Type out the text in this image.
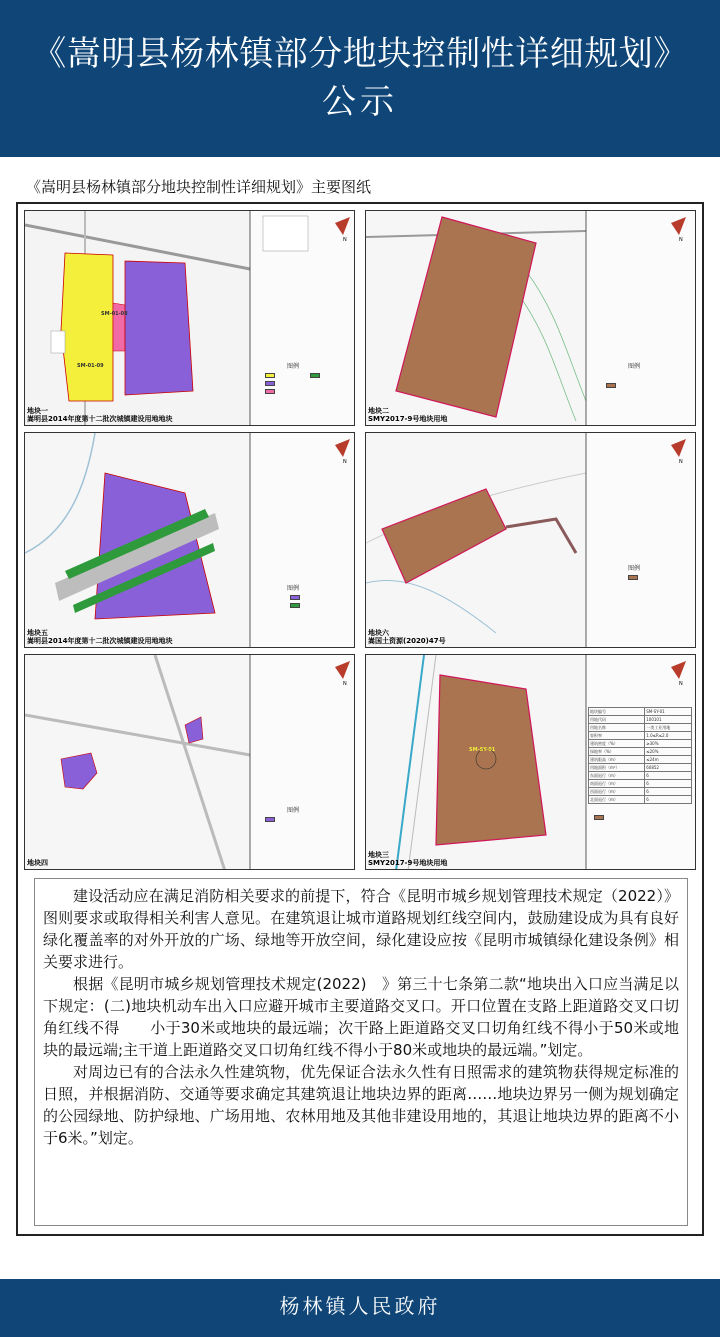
《嵩明县杨林镇部分地块控制性详细规划》
公示
《嵩明县杨林镇部分地块控制性详细规划》主要图纸
N
SM-01-08
SM-01-09	图例
地块一
嵩明县2014年度第十二批次城镇建设用地地块
N
图例
地块二
SMY2017-9号地块用地
N
图例
地块五
嵩明县2014年度第十二批次城镇建设用地地块
N
图例
地块六
嵩国土资源(2020)47号
N
图例
地块四
N
SM-SY-01
地块编号	SM-SY-01
用地代码	100101
用地名称	一类工业用地
容积率	1.0≤R≤2.0
建筑密度（%）	≥30%
绿地率（%）	≤20%
建筑限高（m）	≤24m
用地面积（m²）	60852
东面退行（m）	6
南面退行（m）	6
西面退行（m）	6
北面退行（m）	6
地块三
SMY2017-9号地块用地

建设活动应在满足消防相关要求的前提下，符合《昆明市城乡规划管理技术规定（2022）》图则要求或取得相关利害人意见。在建筑退让城市道路规划红线空间内，鼓励建设成为具有良好绿化覆盖率的对外开放的广场、绿地等开放空间，绿化建设应按《昆明市城镇绿化建设条例》相关要求进行。

根据《昆明市城乡规划管理技术规定(2022)　》第三十七条第二款“地块出入口应当满足以下规定：(二)地块机动车出入口应避开城市主要道路交叉口。开口位置在支路上距道路交叉口切角红线不得　　小于30米或地块的最远端；次干路上距道路交叉口切角红线不得小于50米或地块的最远端;主干道上距道路交叉口切角红线不得小于80米或地块的最远端。”划定。

对周边已有的合法永久性建筑物，优先保证合法永久性有日照需求的建筑物获得规定标准的日照，并根据消防、交通等要求确定其建筑退让地块边界的距离……地块边界另一侧为规划确定的公园绿地、防护绿地、广场用地、农林用地及其他非建设用地的，其退让地块边界的距离不小于6米。”划定。

杨林镇人民政府
